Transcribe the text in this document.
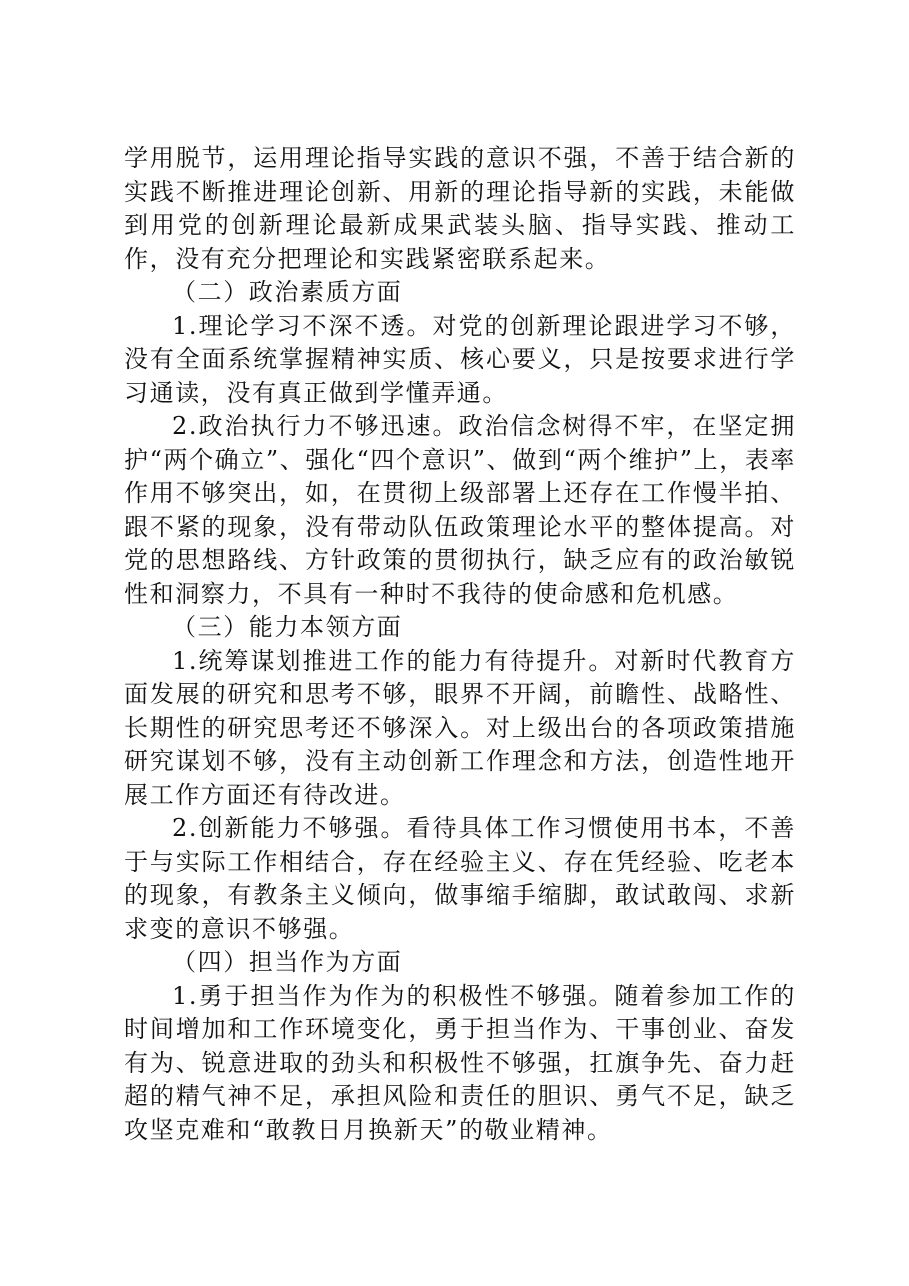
学用脱节，运用理论指导实践的意识不强，不善于结合新的实践不断推进理论创新、用新的理论指导新的实践，未能做到用党的创新理论最新成果武装头脑、指导实践、推动工作，没有充分把理论和实践紧密联系起来。

（二）政治素质方面

1.理论学习不深不透。对党的创新理论跟进学习不够，没有全面系统掌握精神实质、核心要义，只是按要求进行学习通读，没有真正做到学懂弄通。

2.政治执行力不够迅速。政治信念树得不牢，在坚定拥护“两个确立”、强化“四个意识”、做到“两个维护”上，表率作用不够突出，如，在贯彻上级部署上还存在工作慢半拍、跟不紧的现象，没有带动队伍政策理论水平的整体提高。对党的思想路线、方针政策的贯彻执行，缺乏应有的政治敏锐性和洞察力，不具有一种时不我待的使命感和危机感。

（三）能力本领方面

1.统筹谋划推进工作的能力有待提升。对新时代教育方面发展的研究和思考不够，眼界不开阔，前瞻性、战略性、长期性的研究思考还不够深入。对上级出台的各项政策措施研究谋划不够，没有主动创新工作理念和方法，创造性地开展工作方面还有待改进。

2.创新能力不够强。看待具体工作习惯使用书本，不善于与实际工作相结合，存在经验主义、存在凭经验、吃老本的现象，有教条主义倾向，做事缩手缩脚，敢试敢闯、求新求变的意识不够强。

（四）担当作为方面

1.勇于担当作为作为的积极性不够强。随着参加工作的时间增加和工作环境变化，勇于担当作为、干事创业、奋发有为、锐意进取的劲头和积极性不够强，扛旗争先、奋力赶超的精气神不足，承担风险和责任的胆识、勇气不足，缺乏攻坚克难和“敢教日月换新天”的敬业精神。
